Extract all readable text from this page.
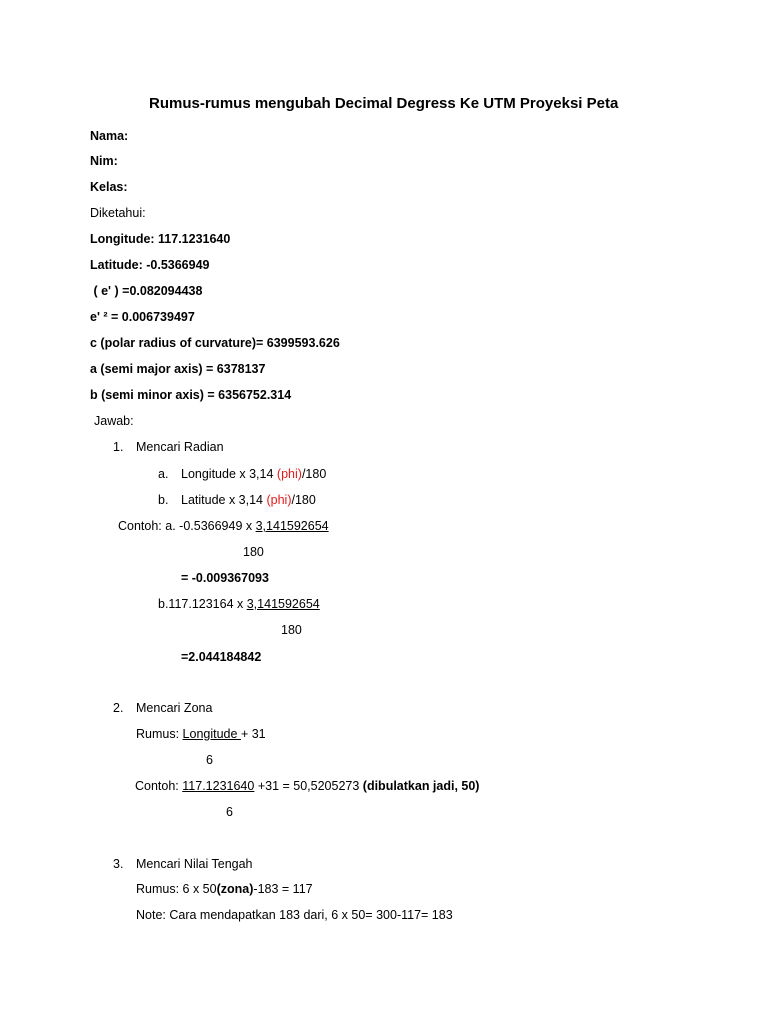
Rumus-rumus mengubah Decimal Degress Ke UTM Proyeksi Peta
Nama:
Nim:
Kelas:
Diketahui:
Longitude: 117.1231640
Latitude: -0.5366949
( e' ) =0.082094438
e' ² = 0.006739497
c (polar radius of curvature)= 6399593.626
a (semi major axis) = 6378137
b (semi minor axis) = 6356752.314
Jawab:
1. Mencari Radian
a. Longitude x 3,14 (phi)/180
b. Latitude x 3,14 (phi)/180
Contoh: a. -0.5366949 x 3,141592654
180
= -0.009367093
b.117.123164 x 3,141592654
180
=2.044184842
2. Mencari Zona
Rumus: Longitude + 31
6
Contoh: 117.1231640 +31 = 50,5205273 (dibulatkan jadi, 50)
6
3. Mencari Nilai Tengah
Rumus: 6 x 50(zona)-183 = 117
Note: Cara mendapatkan 183 dari, 6 x 50= 300-117= 183
